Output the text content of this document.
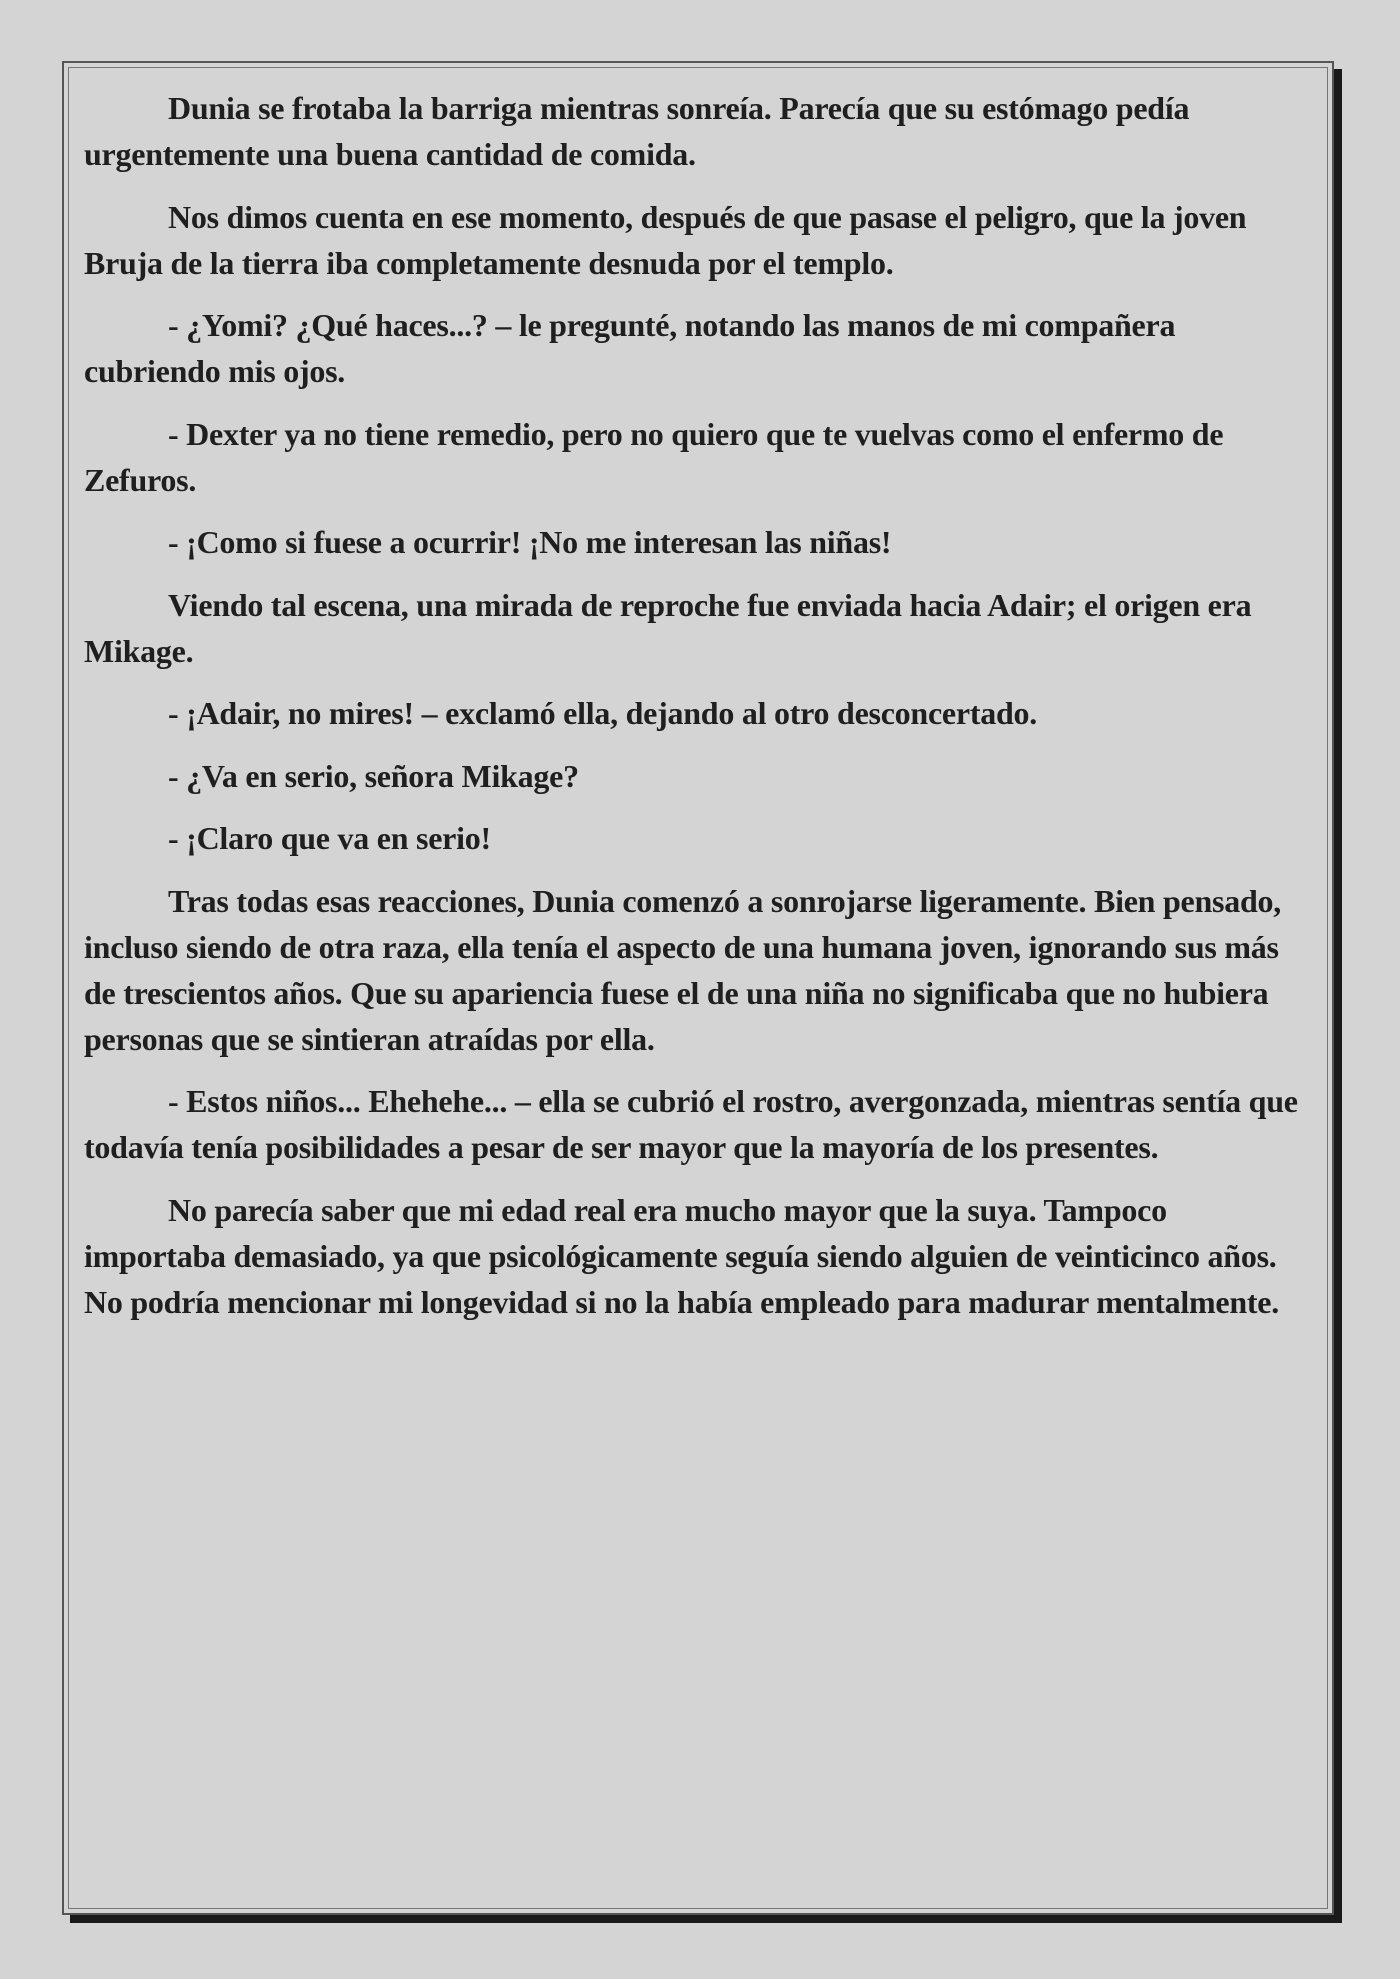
Dunia se frotaba la barriga mientras sonreía. Parecía que su estómago pedía urgentemente una buena cantidad de comida.

Nos dimos cuenta en ese momento, después de que pasase el peligro, que la joven Bruja de la tierra iba completamente desnuda por el templo.

- ¿Yomi? ¿Qué haces...? – le pregunté, notando las manos de mi compañera cubriendo mis ojos.

- Dexter ya no tiene remedio, pero no quiero que te vuelvas como el enfermo de Zefuros.

- ¡Como si fuese a ocurrir! ¡No me interesan las niñas!

Viendo tal escena, una mirada de reproche fue enviada hacia Adair; el origen era Mikage.

- ¡Adair, no mires! – exclamó ella, dejando al otro desconcertado.

- ¿Va en serio, señora Mikage?

- ¡Claro que va en serio!

Tras todas esas reacciones, Dunia comenzó a sonrojarse ligeramente. Bien pensado, incluso siendo de otra raza, ella tenía el aspecto de una humana joven, ignorando sus más de trescientos años. Que su apariencia fuese el de una niña no significaba que no hubiera personas que se sintieran atraídas por ella.

- Estos niños... Ehehehe... – ella se cubrió el rostro, avergonzada, mientras sentía que todavía tenía posibilidades a pesar de ser mayor que la mayoría de los presentes.

No parecía saber que mi edad real era mucho mayor que la suya. Tampoco importaba demasiado, ya que psicológicamente seguía siendo alguien de veinticinco años. No podría mencionar mi longevidad si no la había empleado para madurar mentalmente.
